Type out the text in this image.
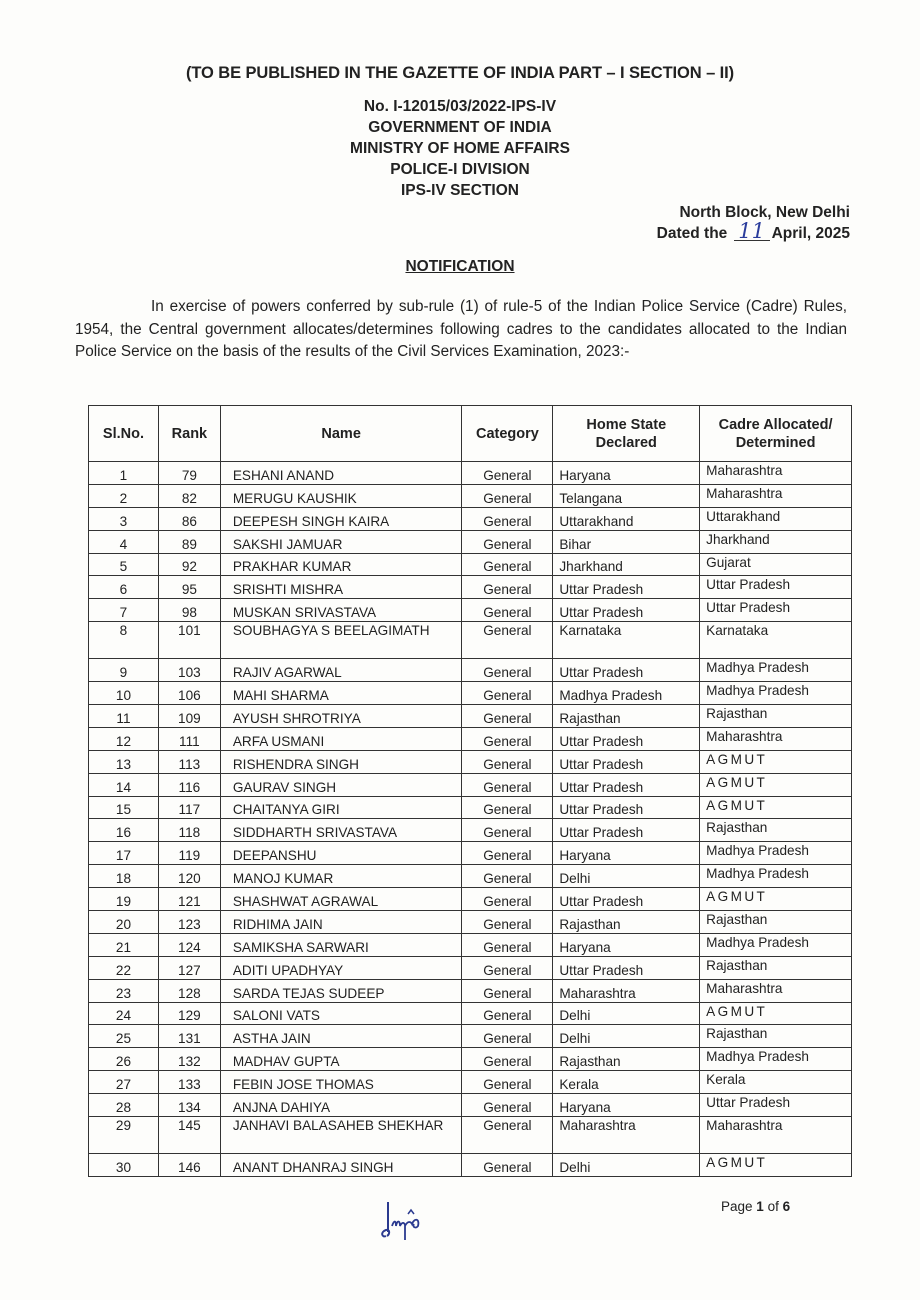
(TO BE PUBLISHED IN THE GAZETTE OF INDIA PART – I SECTION – II)
No. I-12015/03/2022-IPS-IV
GOVERNMENT OF INDIA
MINISTRY OF HOME AFFAIRS
POLICE-I DIVISION
IPS-IV SECTION
North Block, New Delhi
Dated the 11 April, 2025
NOTIFICATION
In exercise of powers conferred by sub-rule (1) of rule-5 of the Indian Police Service (Cadre) Rules, 1954, the Central government allocates/determines following cadres to the candidates allocated to the Indian Police Service on the basis of the results of the Civil Services Examination, 2023:-
Sl.No.	Rank	Name	Category	Home State Declared	Cadre Allocated/ Determined
1	79	ESHANI ANAND	General	Haryana	Maharashtra
2	82	MERUGU KAUSHIK	General	Telangana	Maharashtra
3	86	DEEPESH SINGH KAIRA	General	Uttarakhand	Uttarakhand
4	89	SAKSHI JAMUAR	General	Bihar	Jharkhand
5	92	PRAKHAR KUMAR	General	Jharkhand	Gujarat
6	95	SRISHTI MISHRA	General	Uttar Pradesh	Uttar Pradesh
7	98	MUSKAN SRIVASTAVA	General	Uttar Pradesh	Uttar Pradesh
8	101	SOUBHAGYA S BEELAGIMATH	General	Karnataka	Karnataka
9	103	RAJIV AGARWAL	General	Uttar Pradesh	Madhya Pradesh
10	106	MAHI SHARMA	General	Madhya Pradesh	Madhya Pradesh
11	109	AYUSH SHROTRIYA	General	Rajasthan	Rajasthan
12	111	ARFA USMANI	General	Uttar Pradesh	Maharashtra
13	113	RISHENDRA SINGH	General	Uttar Pradesh	AGMUT
14	116	GAURAV SINGH	General	Uttar Pradesh	AGMUT
15	117	CHAITANYA GIRI	General	Uttar Pradesh	AGMUT
16	118	SIDDHARTH SRIVASTAVA	General	Uttar Pradesh	Rajasthan
17	119	DEEPANSHU	General	Haryana	Madhya Pradesh
18	120	MANOJ KUMAR	General	Delhi	Madhya Pradesh
19	121	SHASHWAT AGRAWAL	General	Uttar Pradesh	AGMUT
20	123	RIDHIMA JAIN	General	Rajasthan	Rajasthan
21	124	SAMIKSHA SARWARI	General	Haryana	Madhya Pradesh
22	127	ADITI UPADHYAY	General	Uttar Pradesh	Rajasthan
23	128	SARDA TEJAS SUDEEP	General	Maharashtra	Maharashtra
24	129	SALONI VATS	General	Delhi	AGMUT
25	131	ASTHA JAIN	General	Delhi	Rajasthan
26	132	MADHAV GUPTA	General	Rajasthan	Madhya Pradesh
27	133	FEBIN JOSE THOMAS	General	Kerala	Kerala
28	134	ANJNA DAHIYA	General	Haryana	Uttar Pradesh
29	145	JANHAVI BALASAHEB SHEKHAR	General	Maharashtra	Maharashtra
30	146	ANANT DHANRAJ SINGH	General	Delhi	AGMUT
Page 1 of 6
